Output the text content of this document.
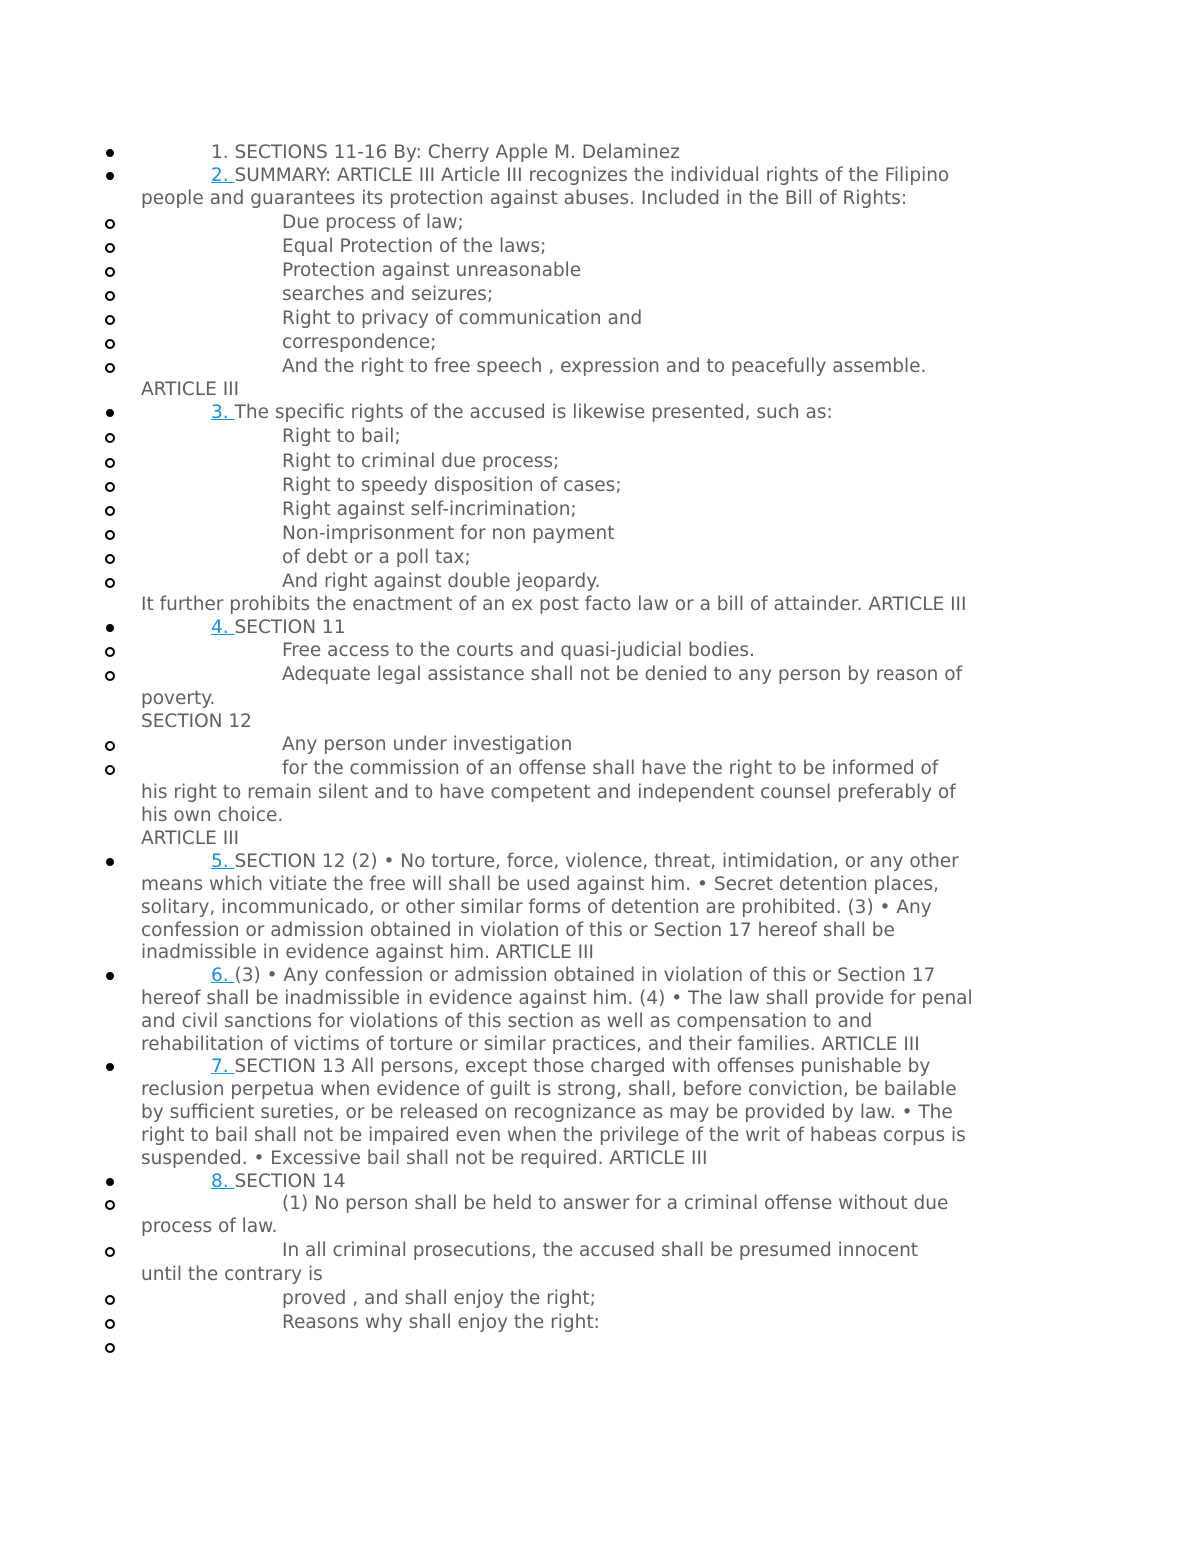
1. SECTIONS 11-16 By: Cherry Apple M. Delaminez
2. SUMMARY: ARTICLE III Article III recognizes the individual rights of the Filipino
people and guarantees its protection against abuses. Included in the Bill of Rights:
Due process of law;
Equal Protection of the laws;
Protection against unreasonable
searches and seizures;
Right to privacy of communication and
correspondence;
And the right to free speech , expression and to peacefully assemble.
ARTICLE III
3. The specific rights of the accused is likewise presented, such as:
Right to bail;
Right to criminal due process;
Right to speedy disposition of cases;
Right against self-incrimination;
Non-imprisonment for non payment
of debt or a poll tax;
And right against double jeopardy.
It further prohibits the enactment of an ex post facto law or a bill of attainder. ARTICLE III
4. SECTION 11
Free access to the courts and quasi-judicial bodies.
Adequate legal assistance shall not be denied to any person by reason of
poverty.
SECTION 12
Any person under investigation
for the commission of an offense shall have the right to be informed of
his right to remain silent and to have competent and independent counsel preferably of
his own choice.
ARTICLE III
5. SECTION 12 (2) • No torture, force, violence, threat, intimidation, or any other
means which vitiate the free will shall be used against him. • Secret detention places,
solitary, incommunicado, or other similar forms of detention are prohibited. (3) • Any
confession or admission obtained in violation of this or Section 17 hereof shall be
inadmissible in evidence against him. ARTICLE III
6. (3) • Any confession or admission obtained in violation of this or Section 17
hereof shall be inadmissible in evidence against him. (4) • The law shall provide for penal
and civil sanctions for violations of this section as well as compensation to and
rehabilitation of victims of torture or similar practices, and their families. ARTICLE III
7. SECTION 13 All persons, except those charged with offenses punishable by
reclusion perpetua when evidence of guilt is strong, shall, before conviction, be bailable
by sufficient sureties, or be released on recognizance as may be provided by law. • The
right to bail shall not be impaired even when the privilege of the writ of habeas corpus is
suspended. • Excessive bail shall not be required. ARTICLE III
8. SECTION 14
(1) No person shall be held to answer for a criminal offense without due
process of law.
In all criminal prosecutions, the accused shall be presumed innocent
until the contrary is
proved , and shall enjoy the right;
Reasons why shall enjoy the right:
